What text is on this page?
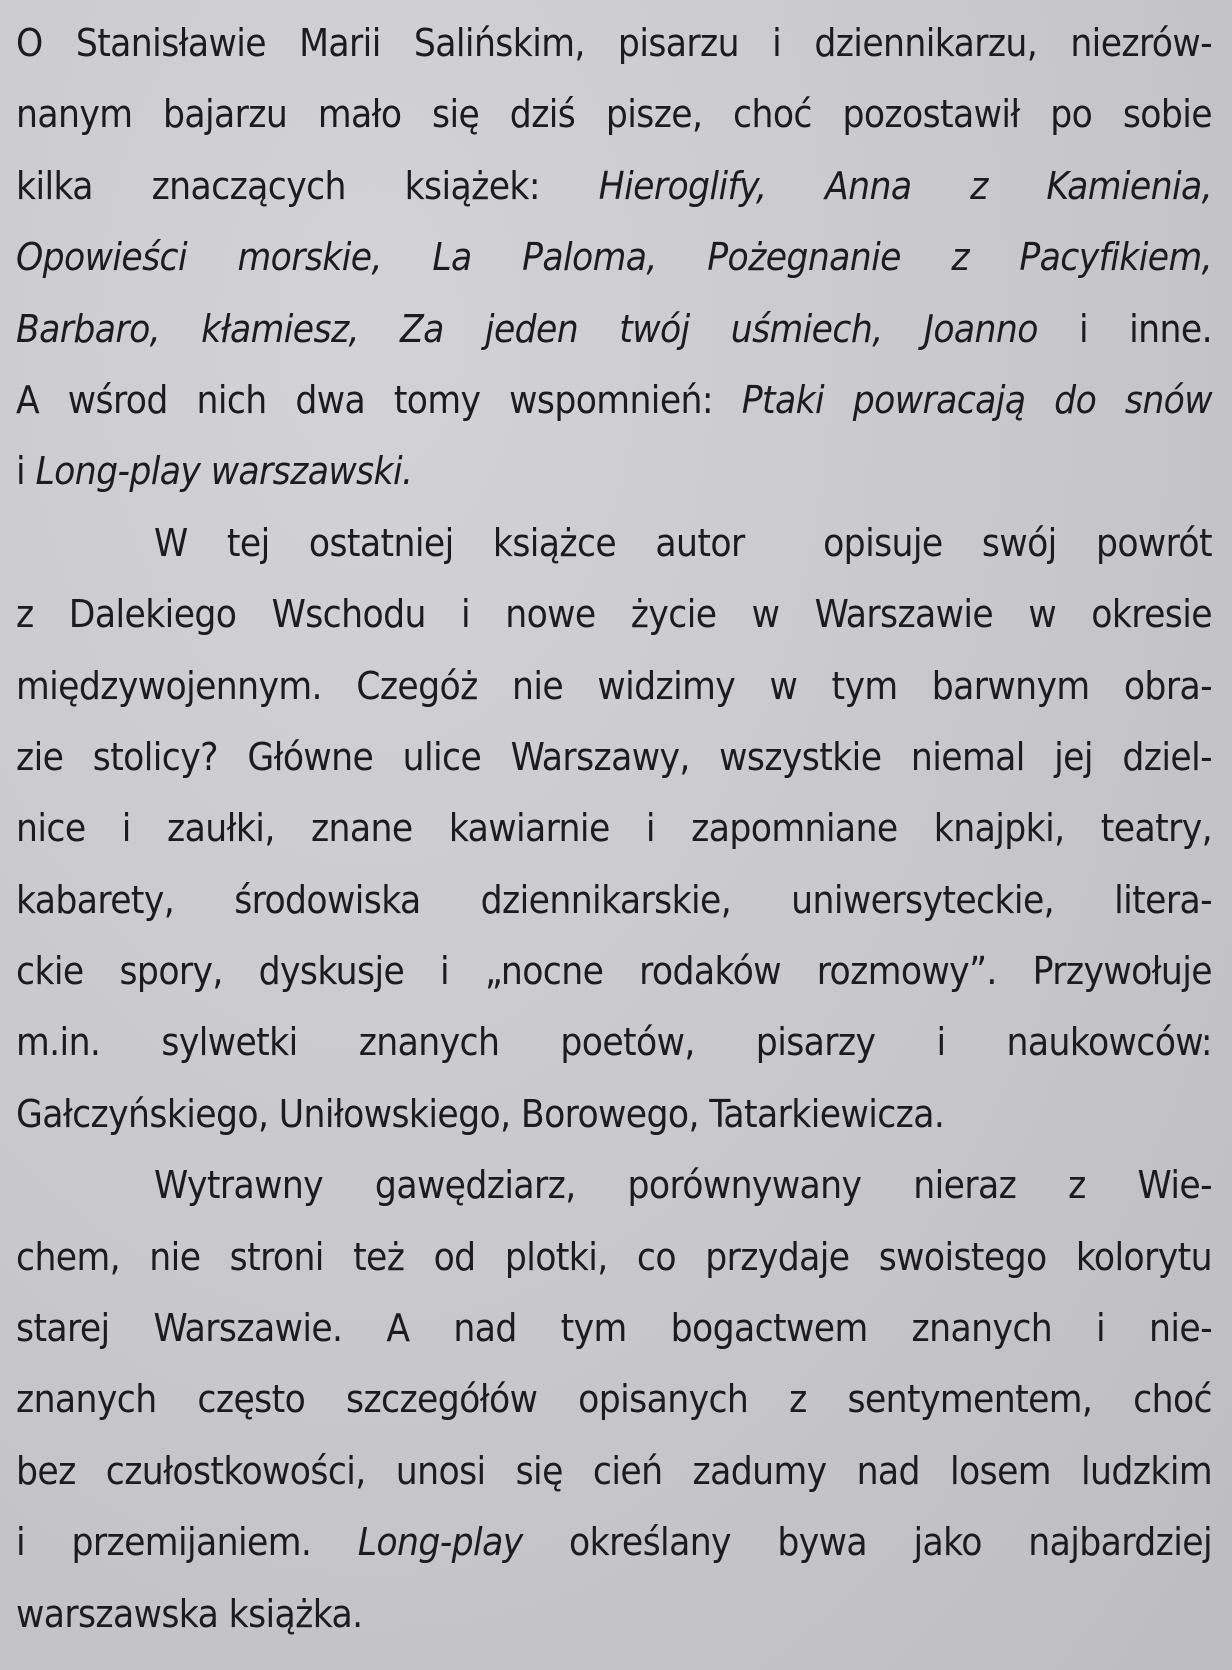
O Stanisławie Marii Salińskim, pisarzu i dziennikarzu, niezrów-
nanym bajarzu mało się dziś pisze, choć pozostawił po sobie
kilka znaczących książek: Hieroglify, Anna z Kamienia,
Opowieści morskie, La Paloma, Pożegnanie z Pacyfikiem,
Barbaro, kłamiesz, Za jeden twój uśmiech, Joanno i inne.
A wśrod nich dwa tomy wspomnień: Ptaki powracają do snów
i Long-play warszawski.
W tej ostatniej książce autor  opisuje swój powrót
z Dalekiego Wschodu i nowe życie w Warszawie w okresie
międzywojennym. Czegóż nie widzimy w tym barwnym obra-
zie stolicy? Główne ulice Warszawy, wszystkie niemal jej dziel-
nice i zaułki, znane kawiarnie i zapomniane knajpki, teatry,
kabarety, środowiska dziennikarskie, uniwersyteckie, litera-
ckie spory, dyskusje i „nocne rodaków rozmowy”. Przywołuje
m.in. sylwetki znanych poetów, pisarzy i naukowców:
Gałczyńskiego, Uniłowskiego, Borowego, Tatarkiewicza.
Wytrawny gawędziarz, porównywany nieraz z Wie-
chem, nie stroni też od plotki, co przydaje swoistego kolorytu
starej Warszawie. A nad tym bogactwem znanych i nie-
znanych często szczegółów opisanych z sentymentem, choć
bez czułostkowości, unosi się cień zadumy nad losem ludzkim
i przemijaniem. Long-play określany bywa jako najbardziej
warszawska książka.
